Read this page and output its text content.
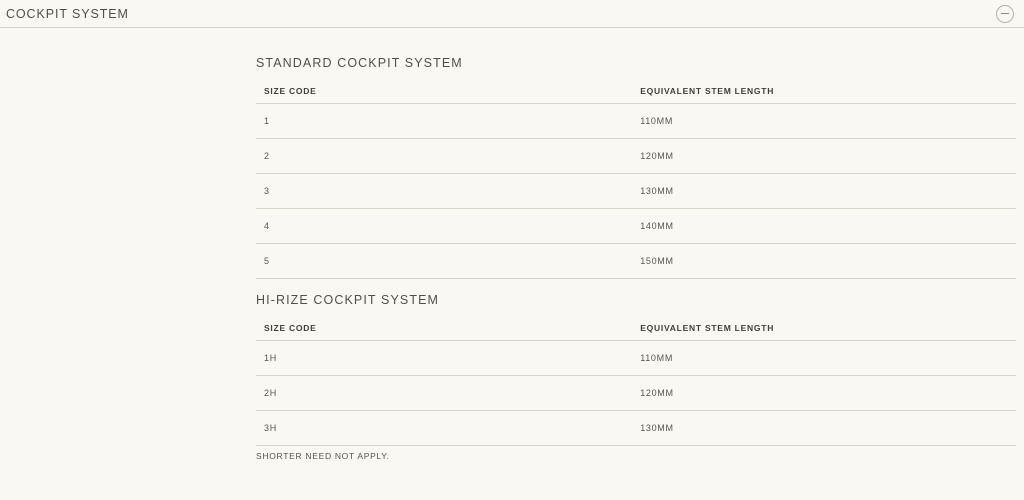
COCKPIT SYSTEM
STANDARD COCKPIT SYSTEM
SIZE CODE	EQUIVALENT STEM LENGTH
1	110MM
2	120MM
3	130MM
4	140MM
5	150MM
HI-RIZE COCKPIT SYSTEM
SIZE CODE	EQUIVALENT STEM LENGTH
1H	110MM
2H	120MM
3H	130MM
SHORTER NEED NOT APPLY.
